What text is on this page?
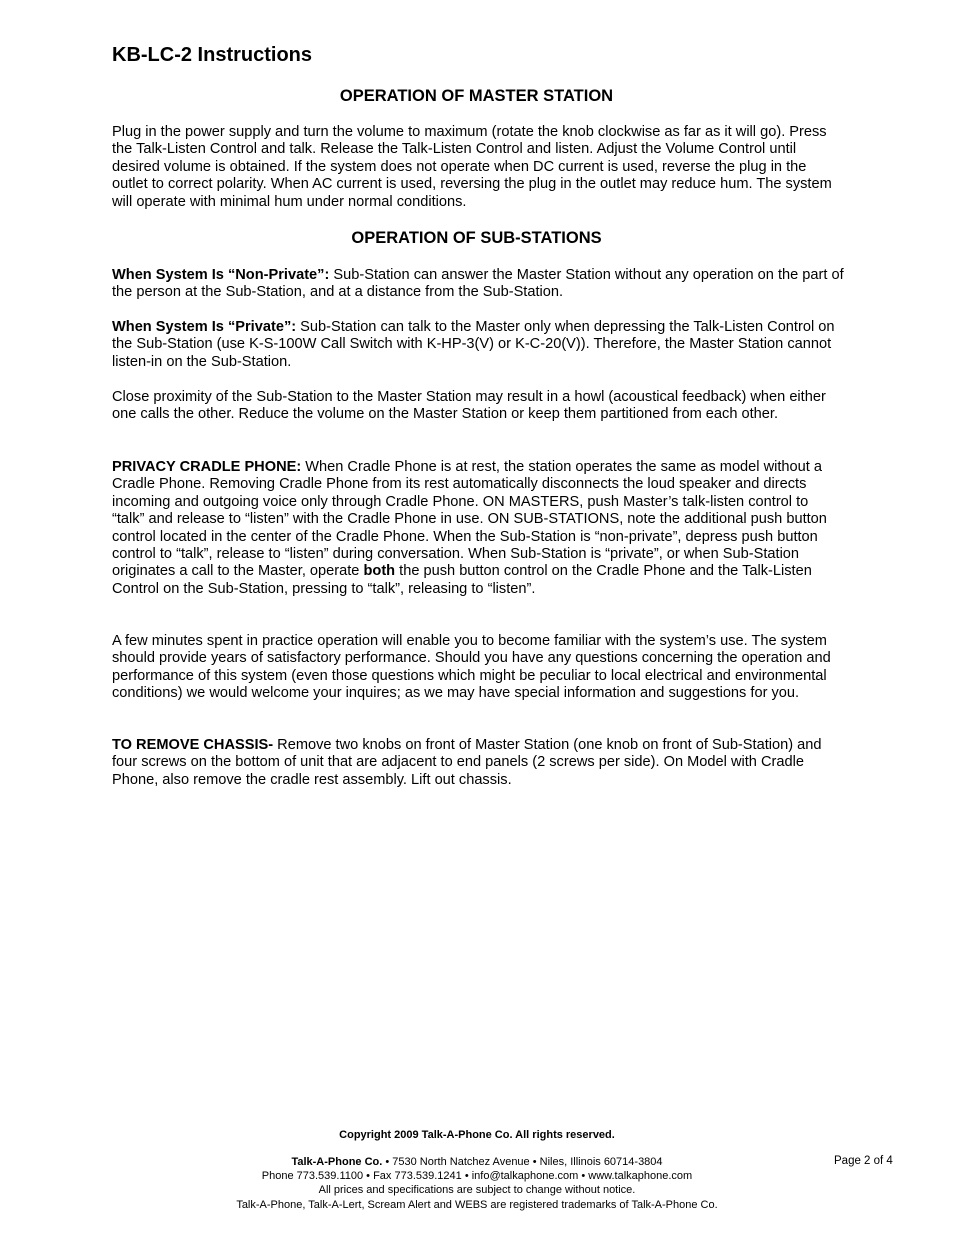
KB-LC-2 Instructions
OPERATION OF MASTER STATION

Plug in the power supply and turn the volume to maximum (rotate the knob clockwise as far as it will go). Press the Talk-Listen Control and talk. Release the Talk-Listen Control and listen. Adjust the Volume Control until desired volume is obtained. If the system does not operate when DC current is used, reverse the plug in the outlet to correct polarity. When AC current is used, reversing the plug in the outlet may reduce hum. The system will operate with minimal hum under normal conditions.

OPERATION OF SUB-STATIONS

When System Is “Non-Private”: Sub-Station can answer the Master Station without any operation on the part of the person at the Sub-Station, and at a distance from the Sub-Station.

When System Is “Private”: Sub-Station can talk to the Master only when depressing the Talk-Listen Control on the Sub-Station (use K-S-100W Call Switch with K-HP-3(V) or K-C-20(V)). Therefore, the Master Station cannot listen-in on the Sub-Station.

Close proximity of the Sub-Station to the Master Station may result in a howl (acoustical feedback) when either one calls the other. Reduce the volume on the Master Station or keep them partitioned from each other.

PRIVACY CRADLE PHONE: When Cradle Phone is at rest, the station operates the same as model without a Cradle Phone. Removing Cradle Phone from its rest automatically disconnects the loud speaker and directs incoming and outgoing voice only through Cradle Phone. ON MASTERS, push Master’s talk-listen control to “talk” and release to “listen” with the Cradle Phone in use. ON SUB-STATIONS, note the additional push button control located in the center of the Cradle Phone. When the Sub-Station is “non-private”, depress push button control to “talk”, release to “listen” during conversation. When Sub-Station is “private”, or when Sub-Station originates a call to the Master, operate both the push button control on the Cradle Phone and the Talk-Listen Control on the Sub-Station, pressing to “talk”, releasing to “listen”.

A few minutes spent in practice operation will enable you to become familiar with the system’s use. The system should provide years of satisfactory performance. Should you have any questions concerning the operation and performance of this system (even those questions which might be peculiar to local electrical and environmental conditions) we would welcome your inquires; as we may have special information and suggestions for you.

TO REMOVE CHASSIS- Remove two knobs on front of Master Station (one knob on front of Sub-Station) and four screws on the bottom of unit that are adjacent to end panels (2 screws per side). On Model with Cradle Phone, also remove the cradle rest assembly. Lift out chassis.

Copyright 2009 Talk-A-Phone Co. All rights reserved.
Talk-A-Phone Co. • 7530 North Natchez Avenue • Niles, Illinois 60714-3804
Phone 773.539.1100 • Fax 773.539.1241 • info@talkaphone.com • www.talkaphone.com
All prices and specifications are subject to change without notice.
Talk-A-Phone, Talk-A-Lert, Scream Alert and WEBS are registered trademarks of Talk-A-Phone Co.
Page 2 of 4
